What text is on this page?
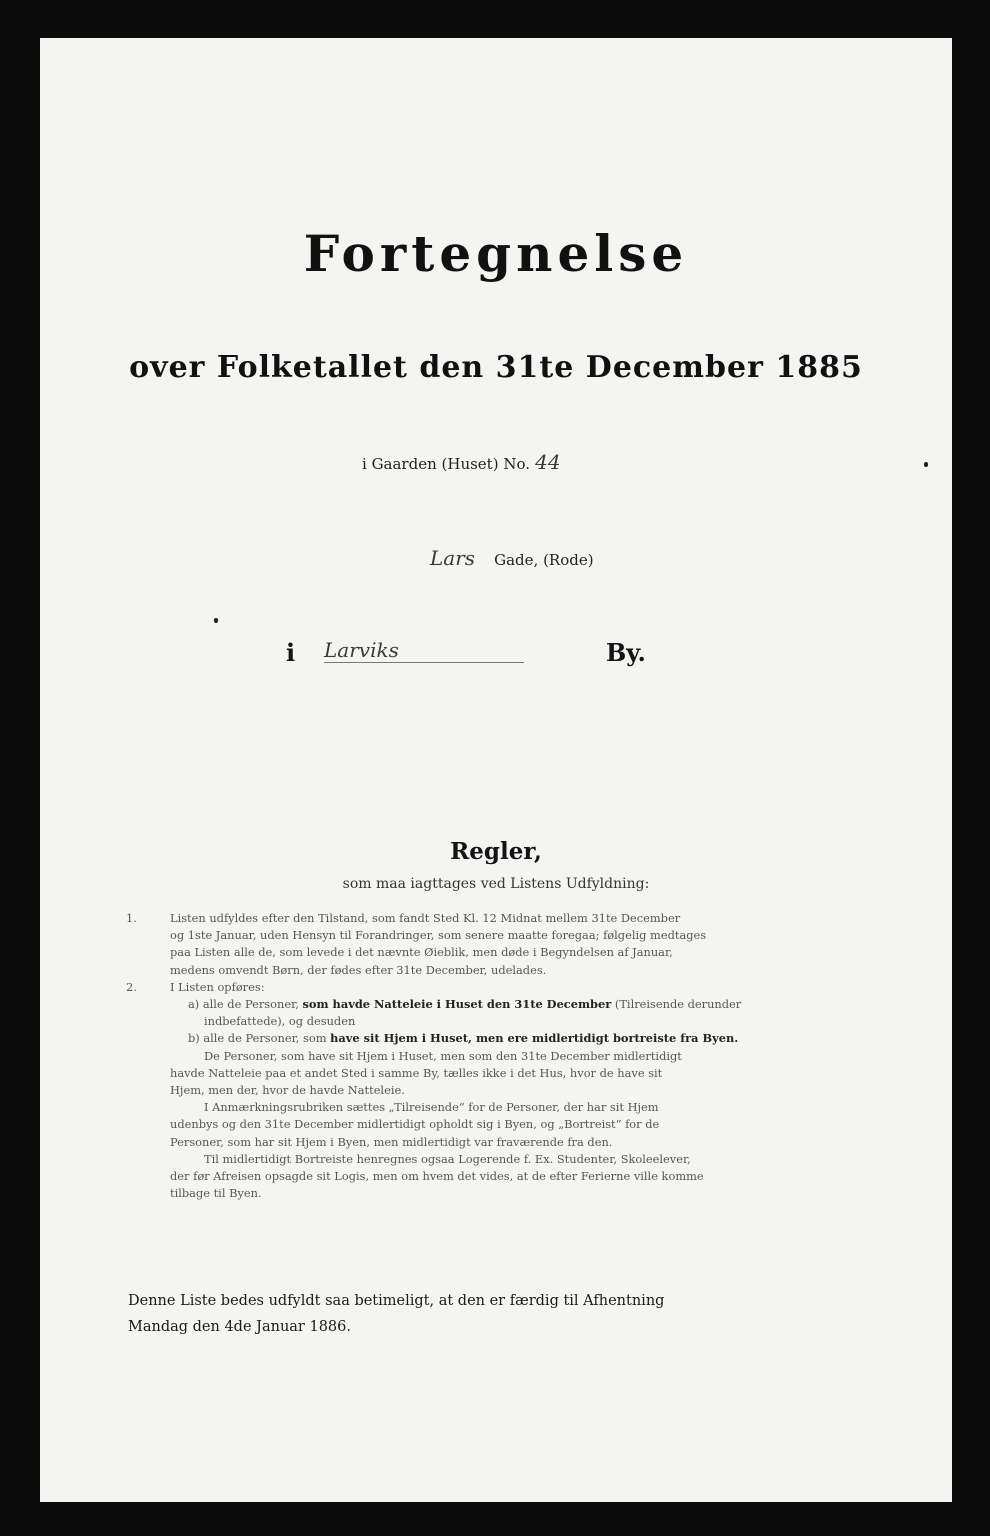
Fortegnelse
over Folketallet den 31te December 1885
i Gaarden (Huset) No. 44
Lars Gade, (Rode)
i Larviks	By.
Regler,
som maa iagttages ved Listens Udfyldning:
1.	Listen udfyldes efter den Tilstand, som fandt Sted Kl. 12 Midnat mellem 31te December

og 1ste Januar, uden Hensyn til Forandringer, som senere maatte foregaa; følgelig medtages

paa Listen alle de, som levede i det nævnte Øieblik, men døde i Begyndelsen af Januar,

medens omvendt Børn, der fødes efter 31te December, udelades.

2.	I Listen opføres:

a) alle de Personer, som havde Natteleie i Huset den 31te December (Tilreisende derunder

indbefattede), og desuden

b) alle de Personer, som have sit Hjem i Huset, men ere midlertidigt bortreiste fra Byen.

De Personer, som have sit Hjem i Huset, men som den 31te December midlertidigt

havde Natteleie paa et andet Sted i samme By, tælles ikke i det Hus, hvor de have sit

Hjem, men der, hvor de havde Natteleie.

I Anmærkningsrubriken sættes „Tilreisende“ for de Personer, der har sit Hjem

udenbys og den 31te December midlertidigt opholdt sig i Byen, og „Bortreist“ for de

Personer, som har sit Hjem i Byen, men midlertidigt var fraværende fra den.

Til midlertidigt Bortreiste henregnes ogsaa Logerende f. Ex. Studenter, Skoleelever,

der før Afreisen opsagde sit Logis, men om hvem det vides, at de efter Ferierne ville komme

tilbage til Byen.

Denne Liste bedes udfyldt saa betimeligt, at den er færdig til Afhentning
Mandag den 4de Januar 1886.
